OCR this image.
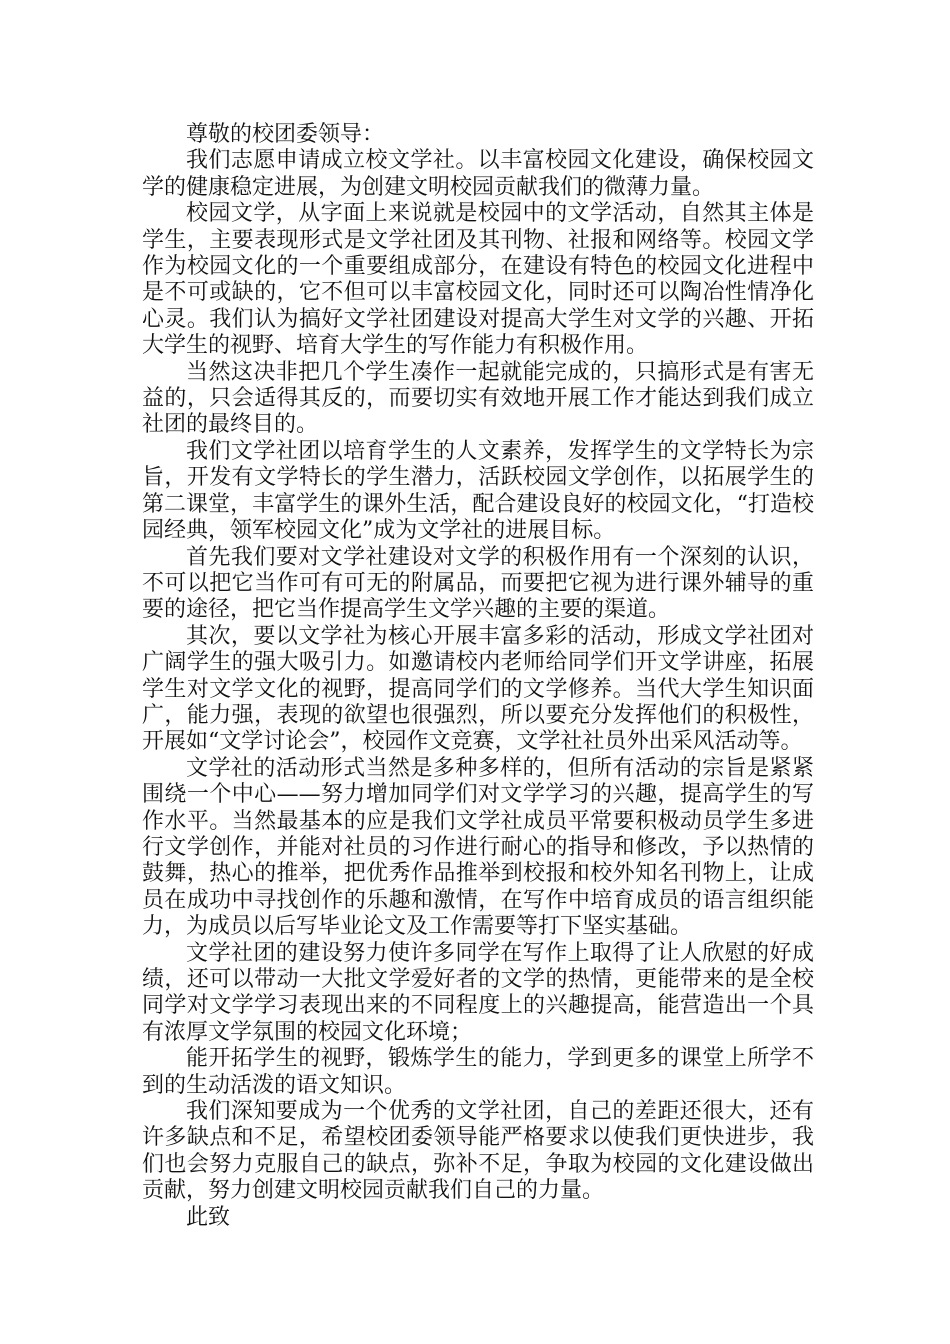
尊敬的校团委领导：

我们志愿申请成立校文学社。以丰富校园文化建设，确保校园文学的健康稳定进展，为创建文明校园贡献我们的微薄力量。

校园文学，从字面上来说就是校园中的文学活动，自然其主体是学生，主要表现形式是文学社团及其刊物、社报和网络等。校园文学作为校园文化的一个重要组成部分，在建设有特色的校园文化进程中是不可或缺的，它不但可以丰富校园文化，同时还可以陶冶性情净化心灵。我们认为搞好文学社团建设对提高大学生对文学的兴趣、开拓大学生的视野、培育大学生的写作能力有积极作用。

当然这决非把几个学生凑作一起就能完成的，只搞形式是有害无益的，只会适得其反的，而要切实有效地开展工作才能达到我们成立社团的最终目的。

我们文学社团以培育学生的人文素养，发挥学生的文学特长为宗旨，开发有文学特长的学生潜力，活跃校园文学创作，以拓展学生的第二课堂，丰富学生的课外生活，配合建设良好的校园文化，“打造校园经典，领军校园文化”成为文学社的进展目标。

首先我们要对文学社建设对文学的积极作用有一个深刻的认识，不可以把它当作可有可无的附属品，而要把它视为进行课外辅导的重要的途径，把它当作提高学生文学兴趣的主要的渠道。

其次，要以文学社为核心开展丰富多彩的活动，形成文学社团对广阔学生的强大吸引力。如邀请校内老师给同学们开文学讲座，拓展学生对文学文化的视野，提高同学们的文学修养。当代大学生知识面广，能力强，表现的欲望也很强烈，所以要充分发挥他们的积极性，开展如“文学讨论会”，校园作文竞赛，文学社社员外出采风活动等。

文学社的活动形式当然是多种多样的，但所有活动的宗旨是紧紧围绕一个中心——努力增加同学们对文学学习的兴趣，提高学生的写作水平。当然最基本的应是我们文学社成员平常要积极动员学生多进行文学创作，并能对社员的习作进行耐心的指导和修改，予以热情的鼓舞，热心的推举，把优秀作品推举到校报和校外知名刊物上，让成员在成功中寻找创作的乐趣和激情，在写作中培育成员的语言组织能力，为成员以后写毕业论文及工作需要等打下坚实基础。

文学社团的建设努力使许多同学在写作上取得了让人欣慰的好成绩，还可以带动一大批文学爱好者的文学的热情，更能带来的是全校同学对文学学习表现出来的不同程度上的兴趣提高，能营造出一个具有浓厚文学氛围的校园文化环境；

能开拓学生的视野，锻炼学生的能力，学到更多的课堂上所学不到的生动活泼的语文知识。

我们深知要成为一个优秀的文学社团，自己的差距还很大，还有许多缺点和不足，希望校团委领导能严格要求以使我们更快进步，我们也会努力克服自己的缺点，弥补不足，争取为校园的文化建设做出贡献，努力创建文明校园贡献我们自己的力量。

此致
